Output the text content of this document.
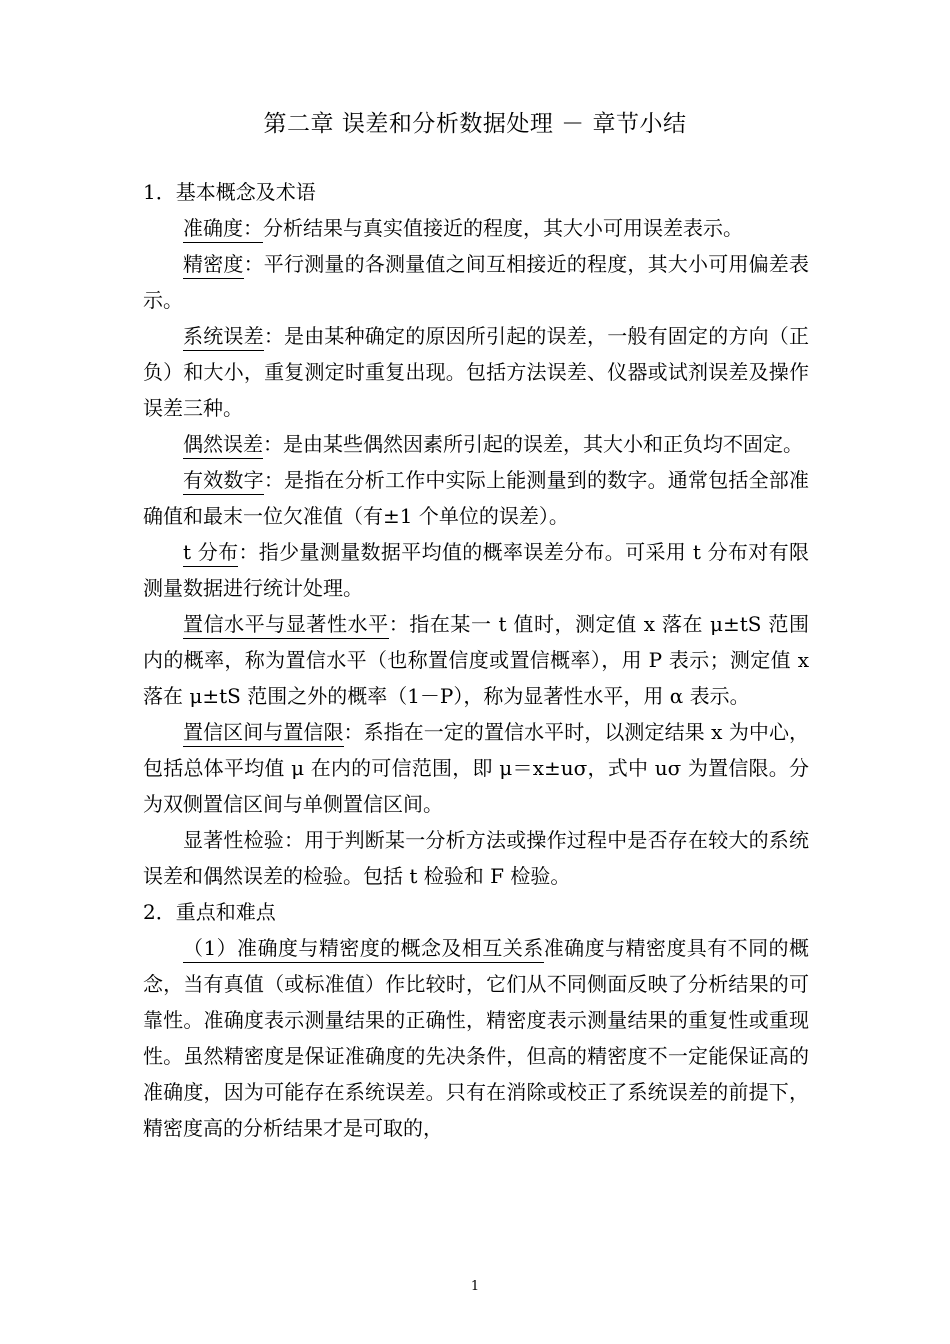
第二章 误差和分析数据处理 － 章节小结

1．基本概念及术语

准确度：分析结果与真实值接近的程度，其大小可用误差表示。

精密度：平行测量的各测量值之间互相接近的程度，其大小可用偏差表示。

系统误差：是由某种确定的原因所引起的误差，一般有固定的方向（正负）和大小，重复测定时重复出现。包括方法误差、仪器或试剂误差及操作误差三种。

偶然误差：是由某些偶然因素所引起的误差，其大小和正负均不固定。

有效数字：是指在分析工作中实际上能测量到的数字。通常包括全部准确值和最末一位欠准值（有±1 个单位的误差）。

t 分布：指少量测量数据平均值的概率误差分布。可采用 t 分布对有限测量数据进行统计处理。

置信水平与显著性水平：指在某一 t 值时，测定值 x 落在 μ±tS 范围内的概率，称为置信水平（也称置信度或置信概率），用 P 表示；测定值 x 落在 μ±tS 范围之外的概率（1－P），称为显著性水平，用 α 表示。

置信区间与置信限：系指在一定的置信水平时，以测定结果 x 为中心，包括总体平均值 μ 在内的可信范围，即 μ＝x±uσ，式中 uσ 为置信限。分为双侧置信区间与单侧置信区间。

显著性检验：用于判断某一分析方法或操作过程中是否存在较大的系统误差和偶然误差的检验。包括 t 检验和 F 检验。

2．重点和难点

（1）准确度与精密度的概念及相互关系准确度与精密度具有不同的概念，当有真值（或标准值）作比较时，它们从不同侧面反映了分析结果的可靠性。准确度表示测量结果的正确性，精密度表示测量结果的重复性或重现性。虽然精密度是保证准确度的先决条件，但高的精密度不一定能保证高的准确度，因为可能存在系统误差。只有在消除或校正了系统误差的前提下，精密度高的分析结果才是可取的，

1
